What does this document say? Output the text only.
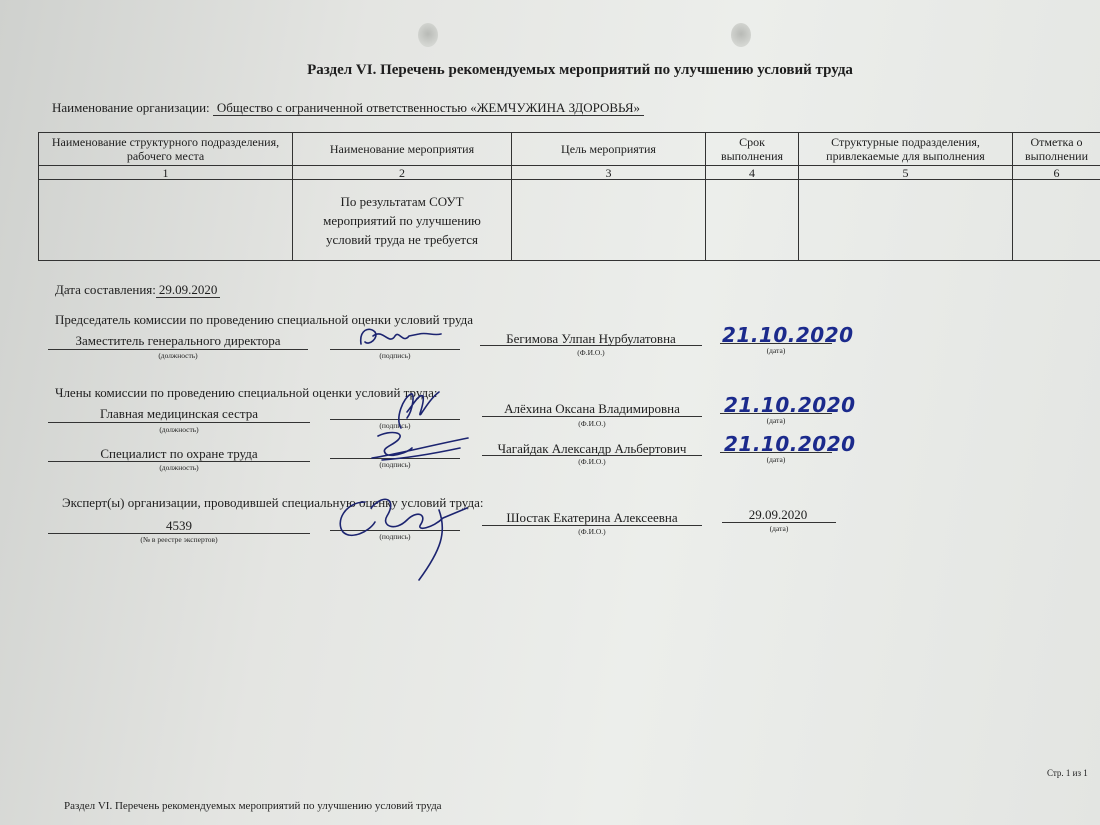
Раздел VI. Перечень рекомендуемых мероприятий по улучшению условий труда
Наименование организации: Общество с ограниченной ответственностью «ЖЕМЧУЖИНА ЗДОРОВЬЯ»
Наименование структурного подразделения, рабочего места	Наименование мероприятия	Цель мероприятия	Срок выполнения	Структурные подразделения, привлекаемые для выполнения	Отметка о выполнении
1	2	3	4	5	6
	По результатам СОУТ мероприятий по улучшению условий труда не требуется				
Дата составления: 29.09.2020
Председатель комиссии по проведению специальной оценки условий труда
Заместитель генерального директора
(должность)	(подпись)
Бегимова Улпан Нурбулатовна
(Ф.И.О.)
21.10.2020
(дата)
Члены комиссии по проведению специальной оценки условий труда:
Главная медицинская сестра
(должность)	(подпись)
Алёхина Оксана Владимировна
(Ф.И.О.)
21.10.2020
(дата)
Специалист по охране труда
(должность)	(подпись)
Чагайдак Александр Альбертович
(Ф.И.О.)
21.10.2020
(дата)
Эксперт(ы) организации, проводившей специальную оценку условий труда:
4539
(№ в реестре экспертов)	(подпись)
Шостак Екатерина Алексеевна
(Ф.И.О.)
29.09.2020
(дата)
Стр. 1 из 1
Раздел VI. Перечень рекомендуемых мероприятий по улучшению условий труда
